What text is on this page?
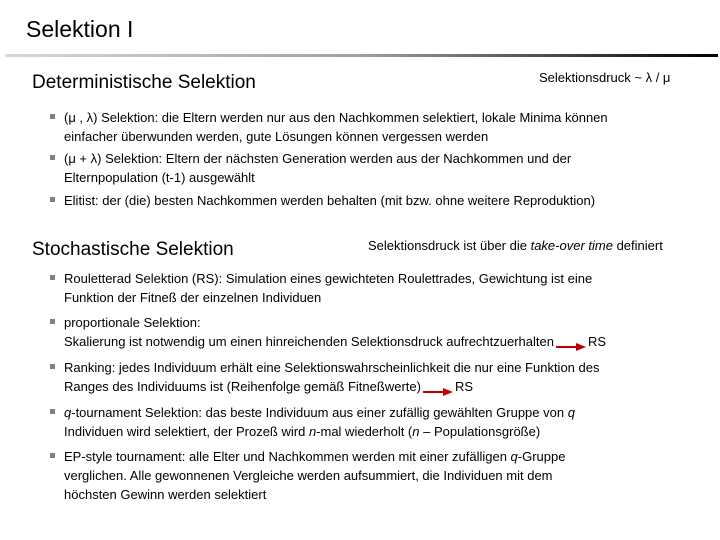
Selektion I
Deterministische Selektion	Selektionsdruck ~ λ / μ
Stochastische Selektion	Selektionsdruck ist über die take-over time definiert
(μ , λ) Selektion: die Eltern werden nur aus den Nachkommen selektiert, lokale Minima können
einfacher überwunden werden, gute Lösungen können vergessen werden
(μ + λ) Selektion: Eltern der nächsten Generation werden aus der Nachkommen und der
Elternpopulation (t-1) ausgewählt
Elitist: der (die) besten Nachkommen werden behalten (mit bzw. ohne weitere Reproduktion)
Rouletterad Selektion (RS): Simulation eines gewichteten Roulettrades, Gewichtung ist eine
Funktion der Fitneß der einzelnen Individuen
proportionale Selektion:
Skalierung ist notwendig um einen hinreichenden Selektionsdruck aufrechtzuerhalten	RS
Ranking: jedes Individuum erhält eine Selektionswahrscheinlichkeit die nur eine Funktion des
Ranges des Individuums ist (Reihenfolge gemäß Fitneßwerte)	RS
q-tournament Selektion: das beste Individuum aus einer zufällig gewählten Gruppe von q
Individuen wird selektiert, der Prozeß wird n-mal wiederholt (n – Populationsgröße)
EP-style tournament: alle Elter und Nachkommen werden mit einer zufälligen q-Gruppe
verglichen. Alle gewonnenen Vergleiche werden aufsummiert, die Individuen mit dem
höchsten Gewinn werden selektiert
